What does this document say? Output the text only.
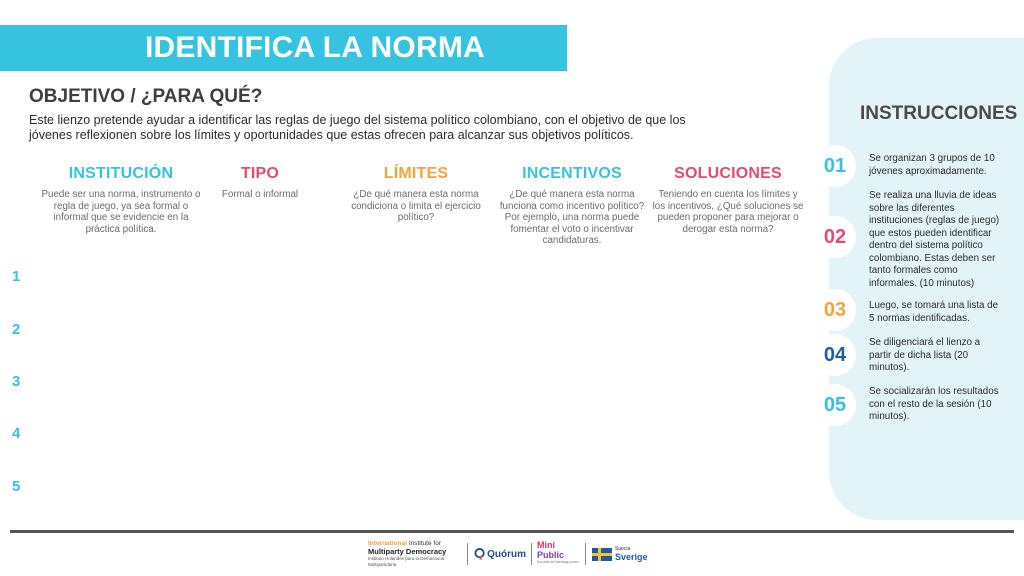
IDENTIFICA LA NORMA
OBJETIVO / ¿PARA QUÉ?
Este lienzo pretende ayudar a identificar las reglas de juego del sistema político colombiano, con el objetivo de que los jóvenes reflexionen sobre los límites y oportunidades que estas ofrecen para alcanzar sus objetivos políticos.
INSTITUCIÓN
Puede ser una norma, instrumento o regla de juego, ya sea formal o informal que se evidencie en la práctica política.
TIPO
Formal o informal
LÍMITES
¿De qué manera esta norma condiciona o limita el ejercicio político?
INCENTIVOS
¿De qué manera esta norma funciona como incentivo político? Por ejemplo, una norma puede fomentar el voto o incentivar candidaturas.
SOLUCIONES
Teniendo en cuenta los límites y los incentivos, ¿Qué soluciones se pueden proponer para mejorar o derogar esta norma?
1
2
3
4
5
INSTRUCCIONES
01	Se organizan 3 grupos de 10 jóvenes aproximadamente.
02
Se realiza una lluvia de ideas sobre las diferentes instituciones (reglas de juego) que estos pueden identificar dentro del sistema político colombiano. Estas deben ser tanto formales como informales. (10 minutos)
03	Luego, se tomará una lista de 5 normas identificadas.
04
Se diligenciará el lienzo a partir de dicha lista (20 minutos).
05
Se socializarán los resultados con el resto de la sesión (10 minutos).
International Institute for
Multiparty Democracy
Instituto Holandés para la Democracia Multipartidaria
Quórum
Mini
Public
Escuela de liderazgo joven
Suecia
Sverige
